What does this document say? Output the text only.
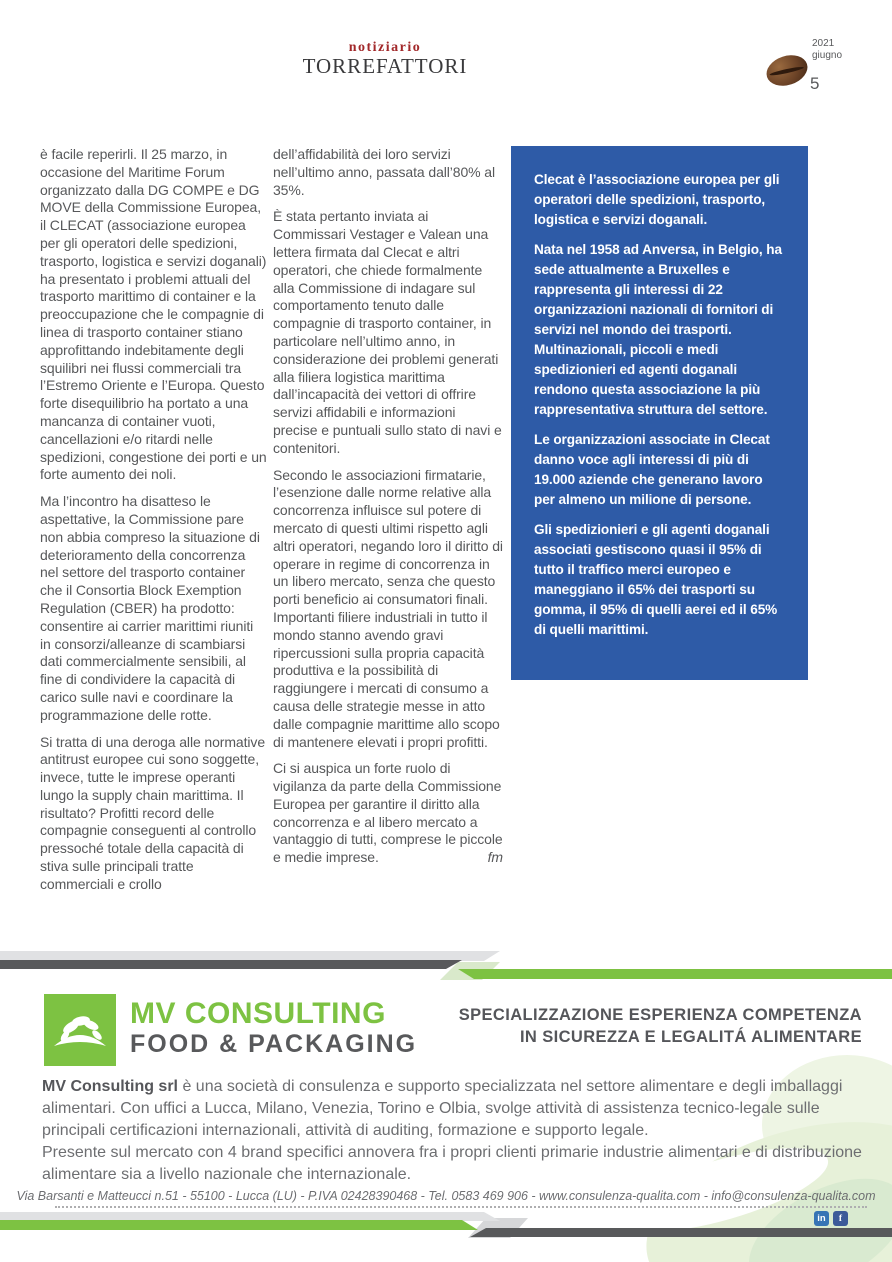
notiziario
TORREFATTORI
2021
giugno
5

è facile reperirli. Il 25 marzo, in occasione del Maritime Forum organizzato dalla DG COMPE e DG MOVE della Commissione Europea, il CLECAT (associazione europea per gli operatori delle spedizioni, trasporto, logistica e servizi doganali) ha presentato i problemi attuali del trasporto marittimo di container e la preoccupazione che le compagnie di linea di trasporto container stiano approfittando indebitamente degli squilibri nei flussi commerciali tra l’Estremo Oriente e l’Europa. Questo forte disequilibrio ha portato a una mancanza di container vuoti, cancellazioni e/o ritardi nelle spedizioni, congestione dei porti e un forte aumento dei noli.

Ma l’incontro ha disatteso le aspettative, la Commissione pare non abbia compreso la situazione di deterioramento della concorrenza nel settore del trasporto container che il Consortia Block Exemption Regulation (CBER) ha prodotto: consentire ai carrier marittimi riuniti in consorzi/alleanze di scambiarsi dati commercialmente sensibili, al fine di condividere la capacità di carico sulle navi e coordinare la programmazione delle rotte.

Si tratta di una deroga alle normative antitrust europee cui sono soggette, invece, tutte le imprese operanti lungo la supply chain marittima. Il risultato? Profitti record delle compagnie conseguenti al controllo pressoché totale della capacità di stiva sulle principali tratte commerciali e crollo

dell’affidabilità dei loro servizi nell’ultimo anno, passata dall’80% al 35%.

È stata pertanto inviata ai Commissari Vestager e Valean una lettera firmata dal Clecat e altri operatori, che chiede formalmente alla Commissione di indagare sul comportamento tenuto dalle compagnie di trasporto container, in particolare nell’ultimo anno, in considerazione dei problemi generati alla filiera logistica marittima dall’incapacità dei vettori di offrire servizi affidabili e informazioni precise e puntuali sullo stato di navi e contenitori.

Secondo le associazioni firmatarie, l’esenzione dalle norme relative alla concorrenza influisce sul potere di mercato di questi ultimi rispetto agli altri operatori, negando loro il diritto di operare in regime di concorrenza in un libero mercato, senza che questo porti beneficio ai consumatori finali. Importanti filiere industriali in tutto il mondo stanno avendo gravi ripercussioni sulla propria capacità produttiva e la possibilità di raggiungere i mercati di consumo a causa delle strategie messe in atto dalle compagnie marittime allo scopo di mantenere elevati i propri profitti.

Ci si auspica un forte ruolo di vigilanza da parte della Commissione Europea per garantire il diritto alla concorrenza e al libero mercato a vantaggio di tutti, comprese le piccole e medie imprese.	fm

Clecat è l’associazione europea per gli operatori delle spedizioni, trasporto, logistica e servizi doganali.

Nata nel 1958 ad Anversa, in Belgio, ha sede attualmente a Bruxelles e rappresenta gli interessi di 22 organizzazioni nazionali di fornitori di servizi nel mondo dei trasporti. Multinazionali, piccoli e medi spedizionieri ed agenti doganali rendono questa associazione la più rappresentativa struttura del settore.

Le organizzazioni associate in Clecat danno voce agli interessi di più di 19.000 aziende che generano lavoro per almeno un milione di persone.

Gli spedizionieri e gli agenti doganali associati gestiscono quasi il 95% di tutto il traffico merci europeo e maneggiano il 65% dei trasporti su gomma, il 95% di quelli aerei ed il 65% di quelli marittimi.

MV CONSULTING
FOOD & PACKAGING
SPECIALIZZAZIONE ESPERIENZA COMPETENZA
IN SICUREZZA E LEGALITÁ ALIMENTARE

MV Consulting srl è una società di consulenza e supporto specializzata nel settore alimentare e degli imballaggi alimentari. Con uffici a Lucca, Milano, Venezia, Torino e Olbia, svolge attività di assistenza tecnico-legale sulle principali certificazioni internazionali, attività di auditing, formazione e supporto legale.

Presente sul mercato con 4 brand specifici annovera fra i propri clienti primarie industrie alimentari e di distribuzione alimentare sia a livello nazionale che internazionale.

Via Barsanti e Matteucci n.51 - 55100 - Lucca (LU) - P.IVA 02428390468 - Tel. 0583 469 906 - www.consulenza-qualita.com - info@consulenza-qualita.com
in	f
